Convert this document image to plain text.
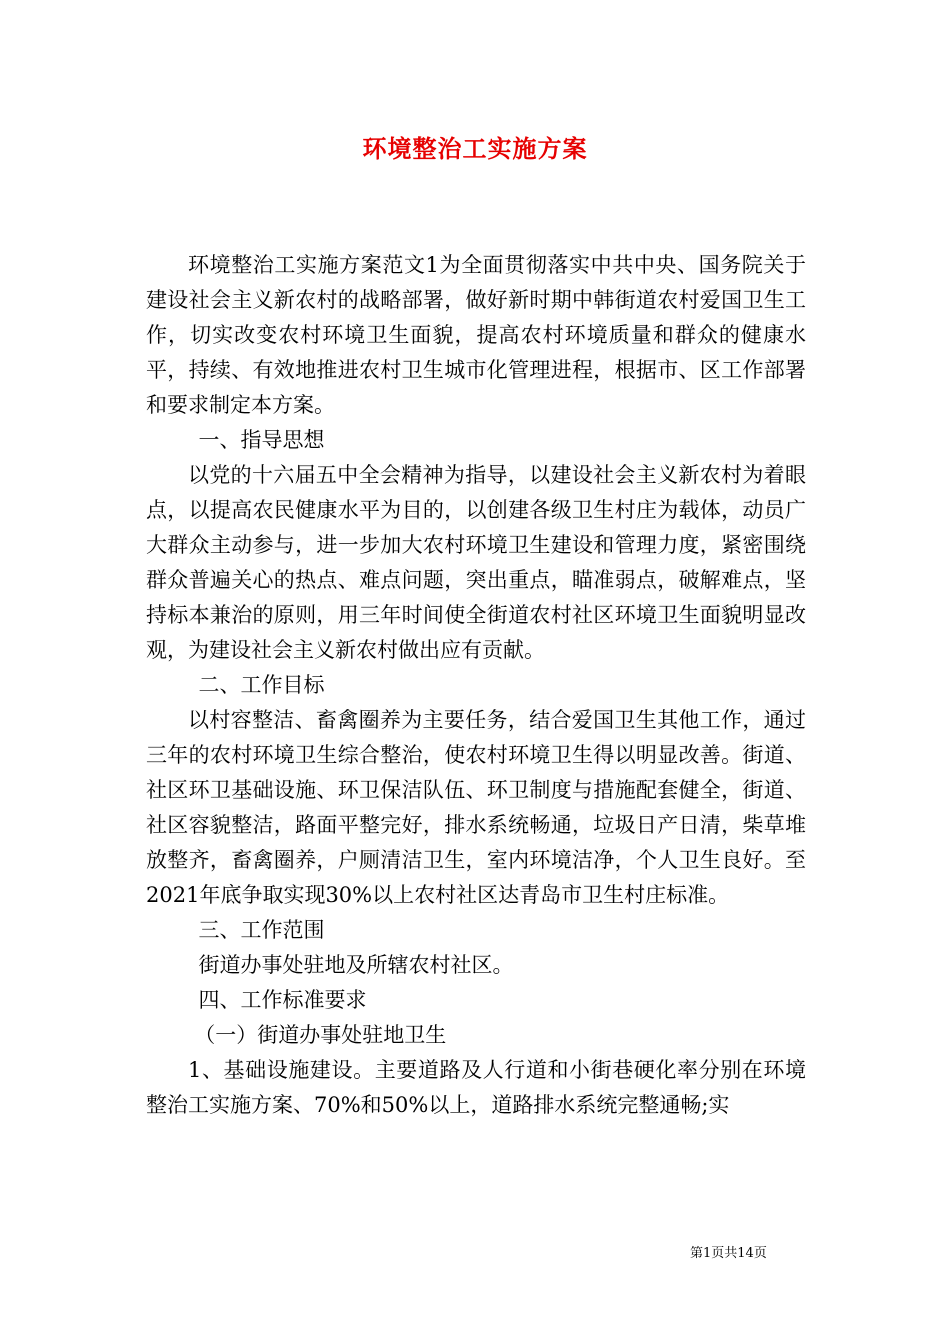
环境整治工实施方案

环境整治工实施方案范文1为全面贯彻落实中共中央、国务院关于建设社会主义新农村的战略部署，做好新时期中韩街道农村爱国卫生工作，切实改变农村环境卫生面貌，提高农村环境质量和群众的健康水平，持续、有效地推进农村卫生城市化管理进程，根据市、区工作部署和要求制定本方案。

一、指导思想

以党的十六届五中全会精神为指导，以建设社会主义新农村为着眼点，以提高农民健康水平为目的，以创建各级卫生村庄为载体，动员广大群众主动参与，进一步加大农村环境卫生建设和管理力度，紧密围绕群众普遍关心的热点、难点问题，突出重点，瞄准弱点，破解难点，坚持标本兼治的原则，用三年时间使全街道农村社区环境卫生面貌明显改观，为建设社会主义新农村做出应有贡献。

二、工作目标

以村容整洁、畜禽圈养为主要任务，结合爱国卫生其他工作，通过三年的农村环境卫生综合整治，使农村环境卫生得以明显改善。街道、社区环卫基础设施、环卫保洁队伍、环卫制度与措施配套健全，街道、社区容貌整洁，路面平整完好，排水系统畅通，垃圾日产日清，柴草堆放整齐，畜禽圈养，户厕清洁卫生，室内环境洁净，个人卫生良好。至2021年底争取实现30%以上农村社区达青岛市卫生村庄标准。

三、工作范围

街道办事处驻地及所辖农村社区。

四、工作标准要求

（一）街道办事处驻地卫生

1、基础设施建设。主要道路及人行道和小街巷硬化率分别在环境整治工实施方案、70%和50%以上，道路排水系统完整通畅;实

第1页共14页
